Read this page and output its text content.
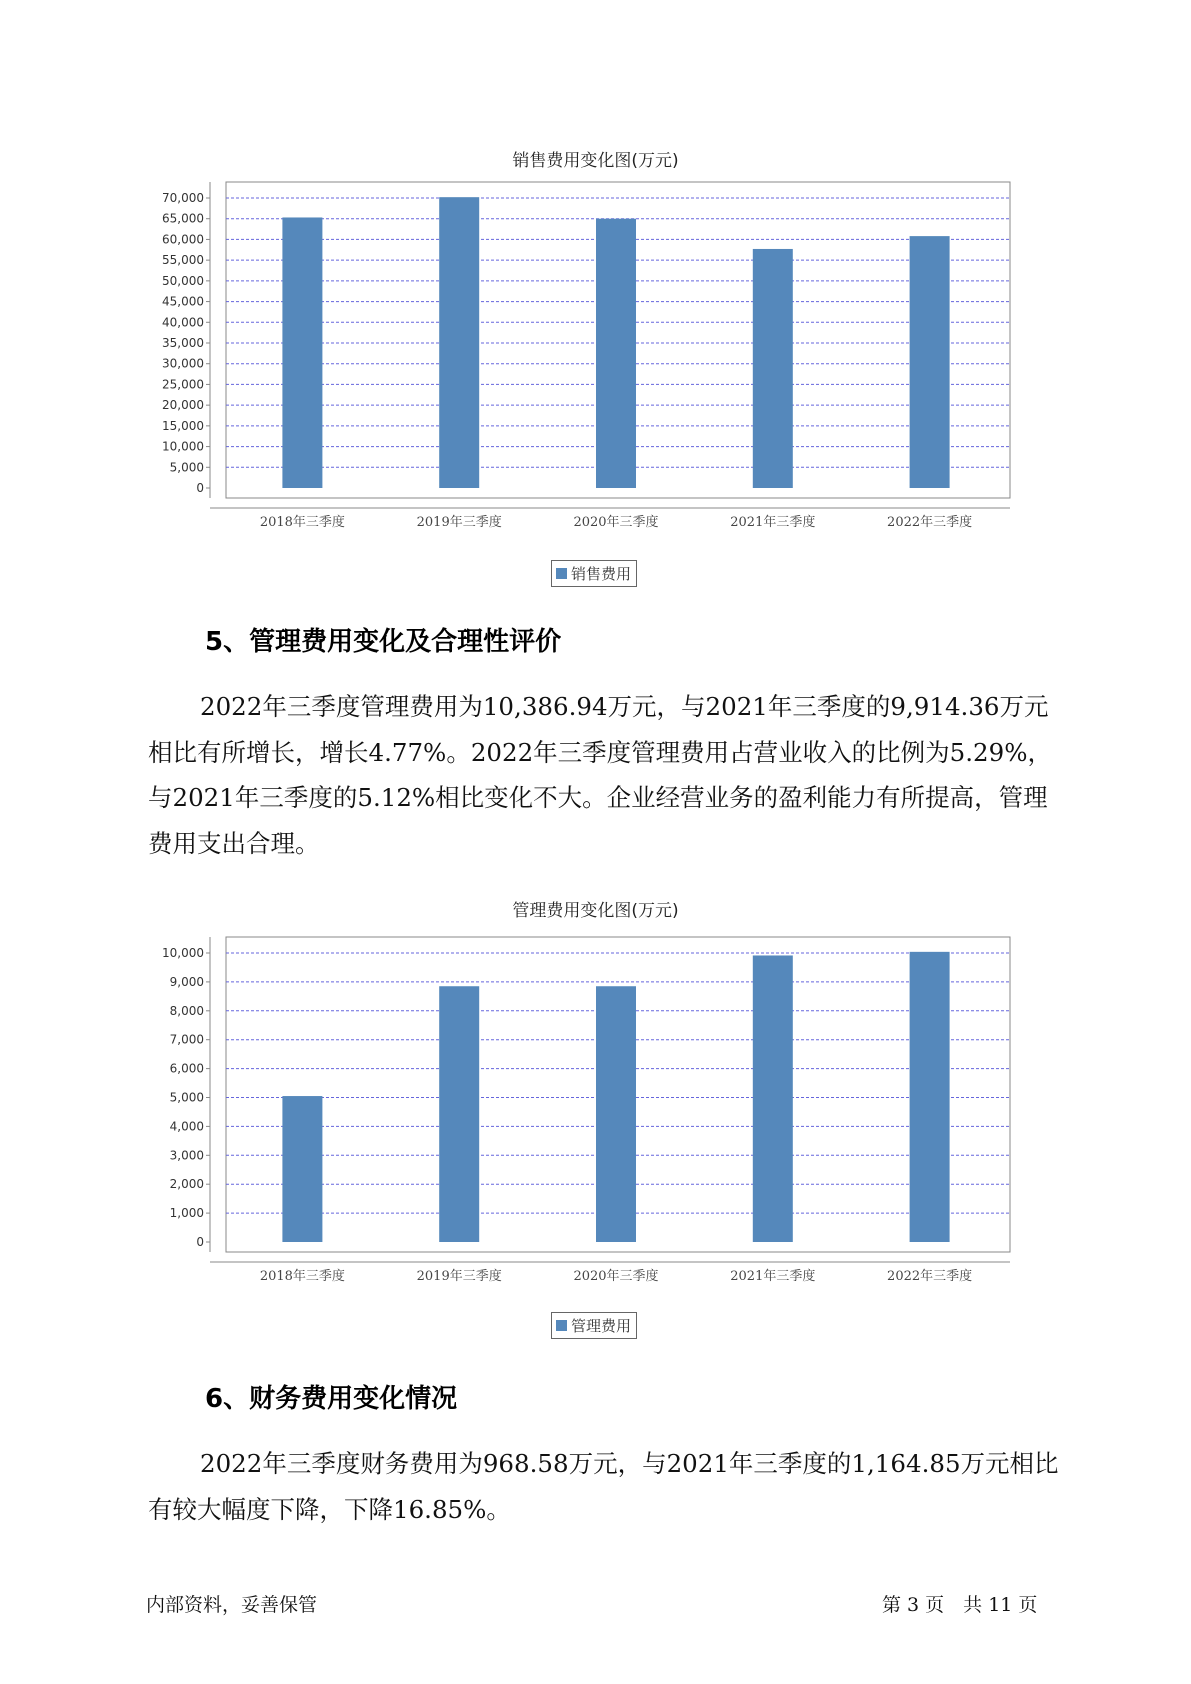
销售费用变化图(万元)
0
5,000
10,000
15,000
20,000
25,000
30,000
35,000
40,000
45,000
50,000
55,000
60,000
65,000
70,000
2018年三季度	2019年三季度	2020年三季度	2021年三季度	2022年三季度
销售费用
5、管理费用变化及合理性评价

2022年三季度管理费用为10,386.94万元，与2021年三季度的9,914.36万元相比有所增长，增长4.77%。2022年三季度管理费用占营业收入的比例为5.29%，与2021年三季度的5.12%相比变化不大。企业经营业务的盈利能力有所提高，管理费用支出合理。

管理费用变化图(万元)
0
1,000
2,000
3,000
4,000
5,000
6,000
7,000
8,000
9,000
10,000
2018年三季度	2019年三季度	2020年三季度	2021年三季度	2022年三季度
管理费用
6、财务费用变化情况

2022年三季度财务费用为968.58万元，与2021年三季度的1,164.85万元相比有较大幅度下降，下降16.85%。

内部资料，妥善保管	第 3 页　共 11 页
